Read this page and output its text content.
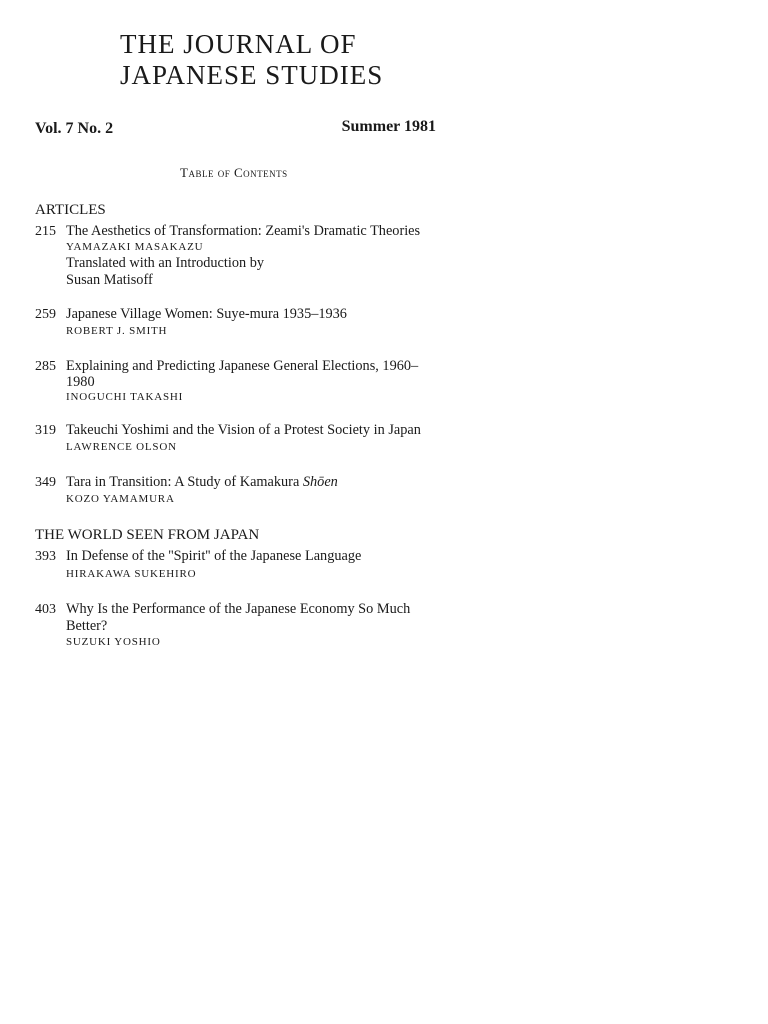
THE JOURNAL OF
JAPANESE STUDIES
Vol. 7 No. 2	Summer 1981
Table of Contents
ARTICLES
215 The Aesthetics of Transformation: Zeami's Dramatic Theories
YAMAZAKI MASAKAZU
Translated with an Introduction by
Susan Matisoff
259 Japanese Village Women: Suye-mura 1935–1936
ROBERT J. SMITH
285 Explaining and Predicting Japanese General Elections, 1960–
1980
INOGUCHI TAKASHI
319 Takeuchi Yoshimi and the Vision of a Protest Society in Japan
LAWRENCE OLSON
349 Tara in Transition: A Study of Kamakura Shōen
KOZO YAMAMURA
THE WORLD SEEN FROM JAPAN
393 In Defense of the ''Spirit'' of the Japanese Language
HIRAKAWA SUKEHIRO
403 Why Is the Performance of the Japanese Economy So Much
Better?
SUZUKI YOSHIO
